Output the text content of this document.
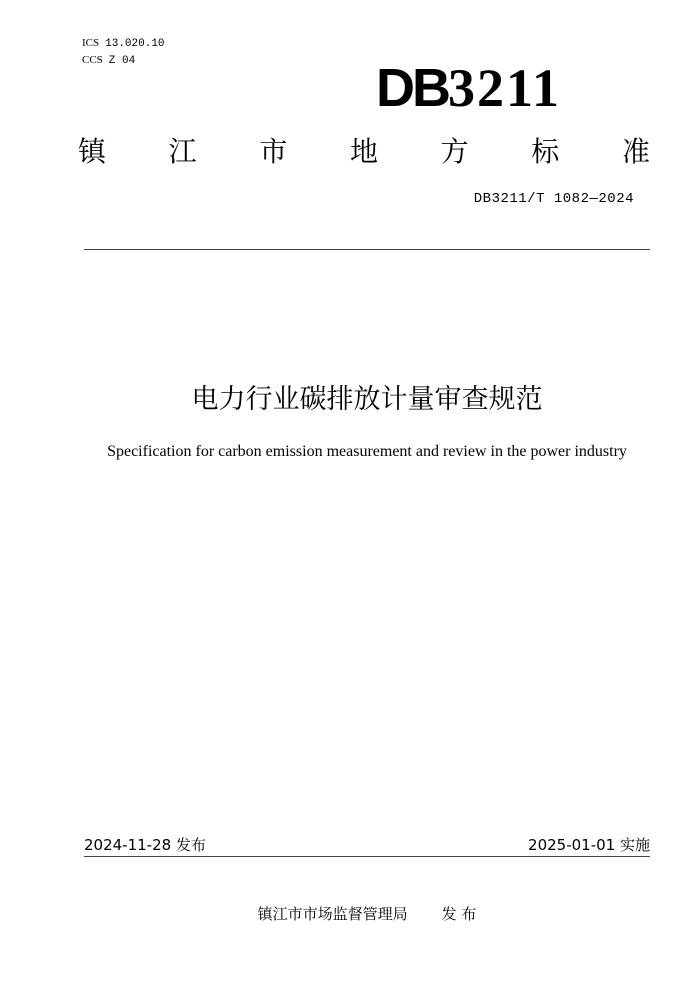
ICS 13.020.10
CCS Z 04	DB3211
镇 江 市 地 方 标 准
DB3211/T 1082—2024
电力行业碳排放计量审查规范
Specification for carbon emission measurement and review in the power industry
2024-11-28 发布	2025-01-01 实施
镇江市市场监督管理局 发 布
